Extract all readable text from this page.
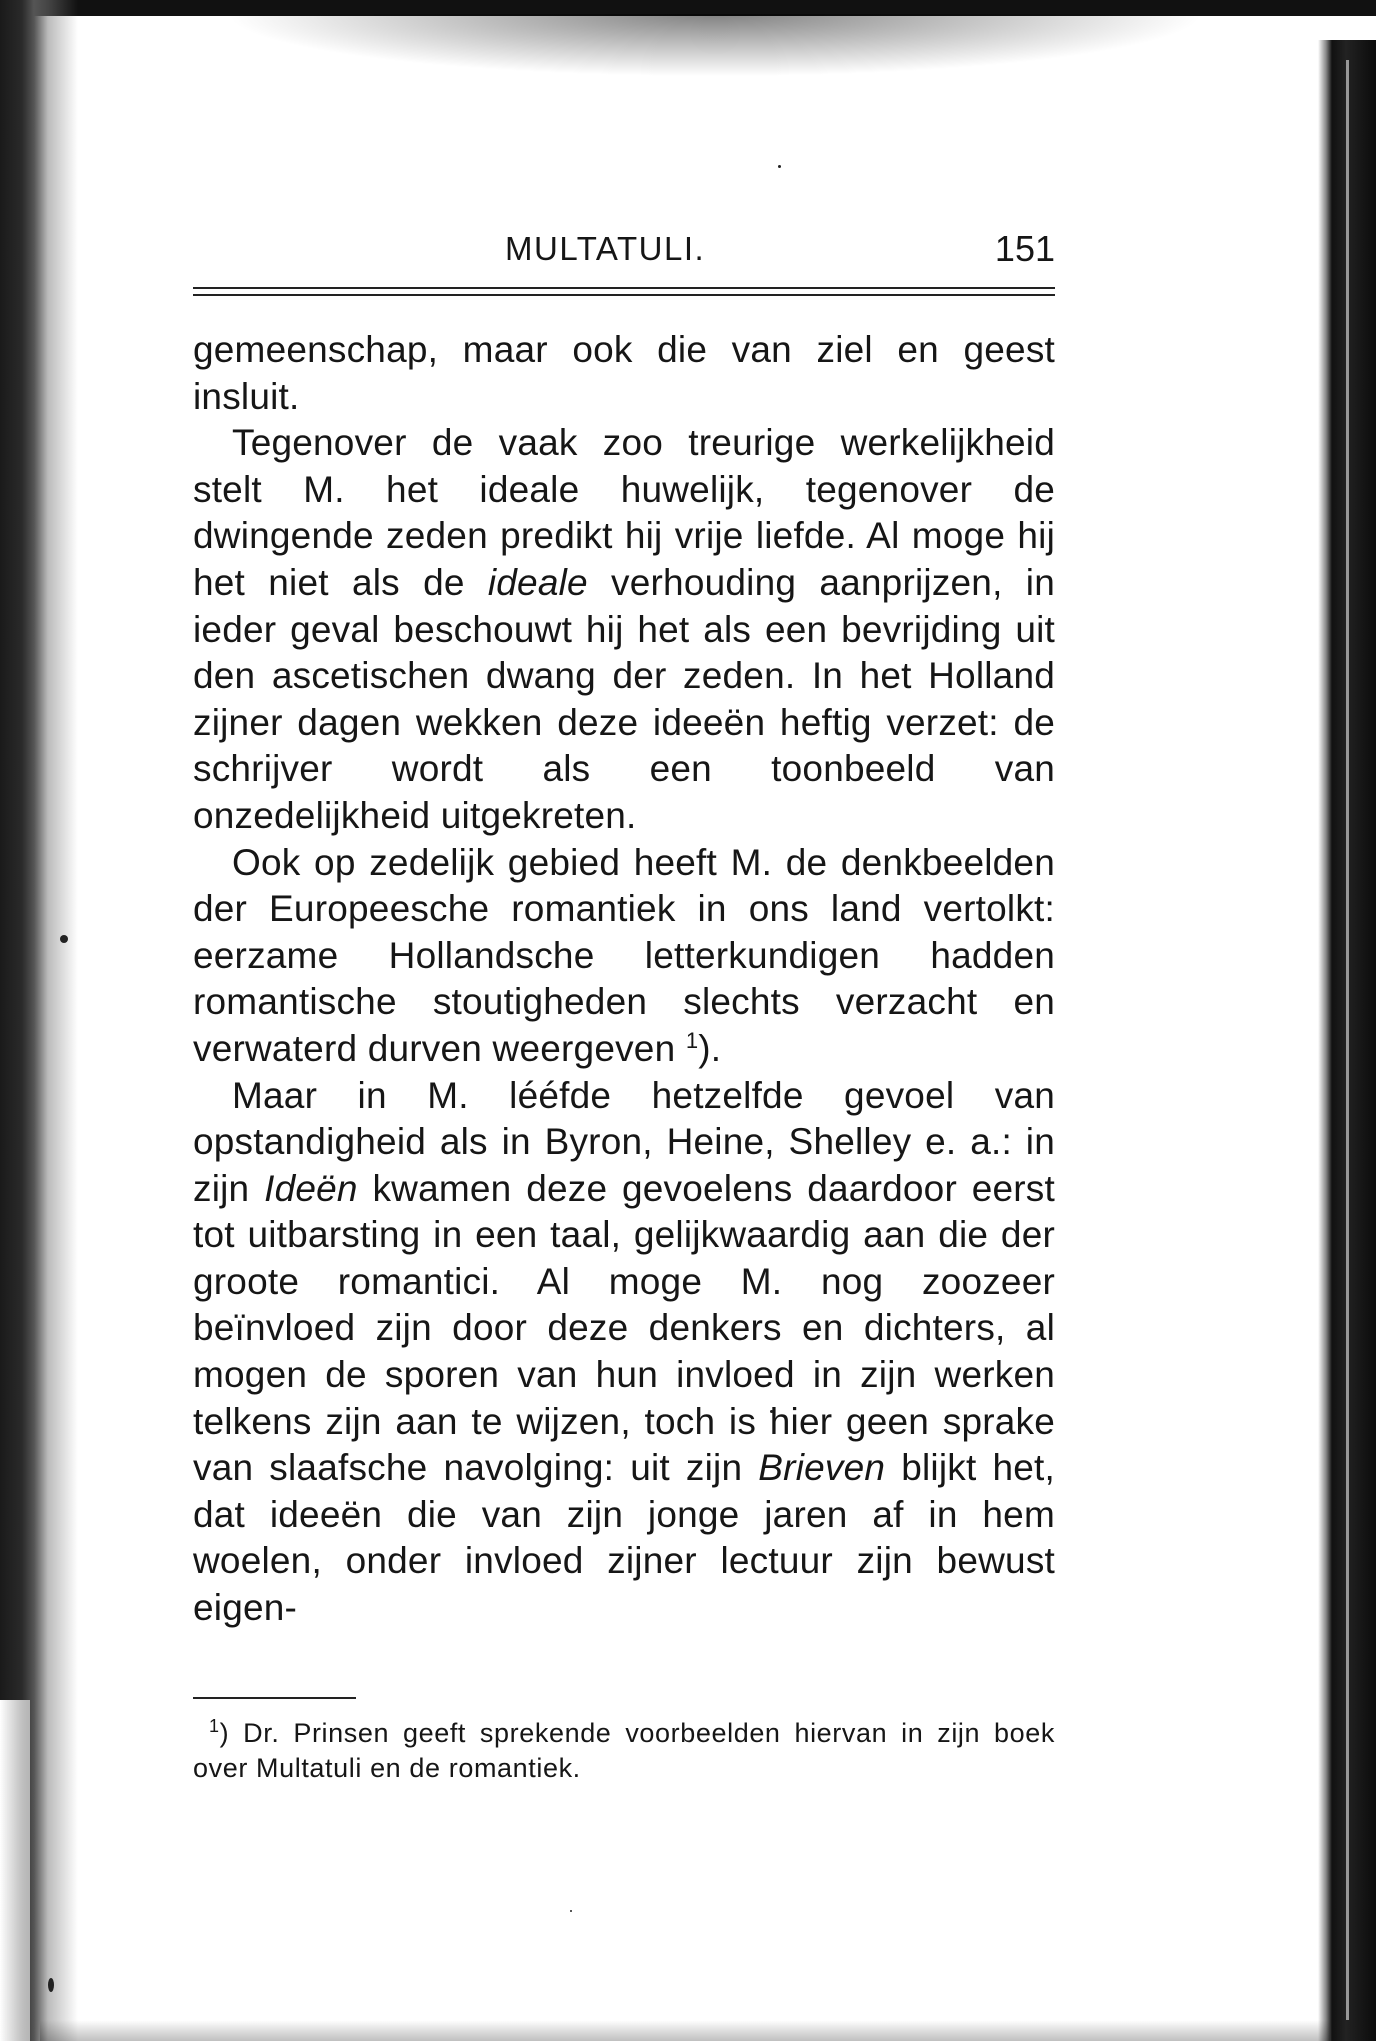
MULTATULI.	151

gemeenschap, maar ook die van ziel en geest insluit.

Tegenover de vaak zoo treurige werkelijkheid stelt M. het ideale huwelijk, tegenover de dwingende zeden predikt hij vrije liefde. Al moge hij het niet als de ideale verhouding aanprijzen, in ieder geval beschouwt hij het als een bevrijding uit den ascetischen dwang der zeden. In het Holland zijner dagen wekken deze ideeën heftig verzet: de schrijver wordt als een toonbeeld van onzedelijkheid uitgekreten.

Ook op zedelijk gebied heeft M. de denkbeelden der Europeesche romantiek in ons land vertolkt: eerzame Hollandsche letterkundigen hadden romantische stoutigheden slechts verzacht en verwaterd durven weergeven $^1$).

Maar in M. lééfde hetzelfde gevoel van opstandigheid als in Byron, Heine, Shelley e. a.: in zijn Ideën kwamen deze gevoelens daardoor eerst tot uitbarsting in een taal, gelijkwaardig aan die der groote romantici. Al moge M. nog zoozeer beïnvloed zijn door deze denkers en dichters, al mogen de sporen van hun invloed in zijn werken telkens zijn aan te wijzen, toch is hier geen sprake van slaafsche navolging: uit zijn Brieven blijkt het, dat ideeën die van zijn jonge jaren af in hem woelen, onder invloed zijner lectuur zijn bewust eigen-

$^1$) Dr. Prinsen geeft sprekende voorbeelden hiervan in zijn boek over Multatuli en de romantiek.
